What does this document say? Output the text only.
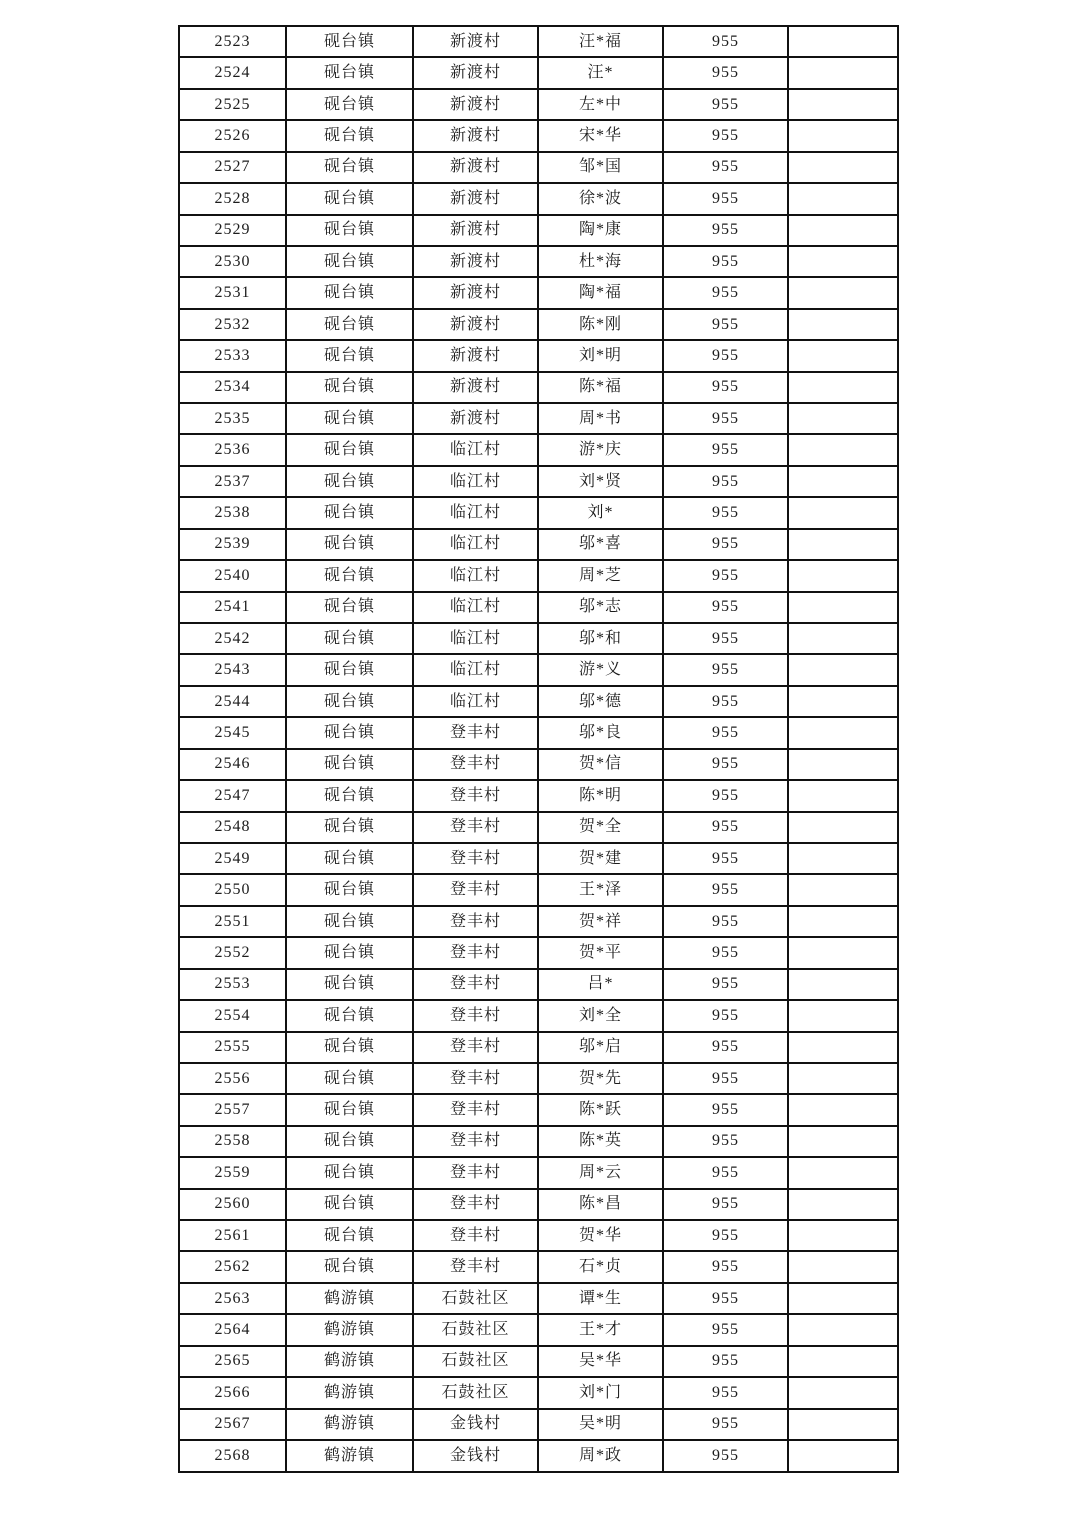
2523	砚台镇	新渡村	汪*福	955	
2524	砚台镇	新渡村	汪*	955	
2525	砚台镇	新渡村	左*中	955	
2526	砚台镇	新渡村	宋*华	955	
2527	砚台镇	新渡村	邹*国	955	
2528	砚台镇	新渡村	徐*波	955	
2529	砚台镇	新渡村	陶*康	955	
2530	砚台镇	新渡村	杜*海	955	
2531	砚台镇	新渡村	陶*福	955	
2532	砚台镇	新渡村	陈*刚	955	
2533	砚台镇	新渡村	刘*明	955	
2534	砚台镇	新渡村	陈*福	955	
2535	砚台镇	新渡村	周*书	955	
2536	砚台镇	临江村	游*庆	955	
2537	砚台镇	临江村	刘*贤	955	
2538	砚台镇	临江村	刘*	955	
2539	砚台镇	临江村	邬*喜	955	
2540	砚台镇	临江村	周*芝	955	
2541	砚台镇	临江村	邬*志	955	
2542	砚台镇	临江村	邬*和	955	
2543	砚台镇	临江村	游*义	955	
2544	砚台镇	临江村	邬*德	955	
2545	砚台镇	登丰村	邬*良	955	
2546	砚台镇	登丰村	贺*信	955	
2547	砚台镇	登丰村	陈*明	955	
2548	砚台镇	登丰村	贺*全	955	
2549	砚台镇	登丰村	贺*建	955	
2550	砚台镇	登丰村	王*泽	955	
2551	砚台镇	登丰村	贺*祥	955	
2552	砚台镇	登丰村	贺*平	955	
2553	砚台镇	登丰村	吕*	955	
2554	砚台镇	登丰村	刘*全	955	
2555	砚台镇	登丰村	邬*启	955	
2556	砚台镇	登丰村	贺*先	955	
2557	砚台镇	登丰村	陈*跃	955	
2558	砚台镇	登丰村	陈*英	955	
2559	砚台镇	登丰村	周*云	955	
2560	砚台镇	登丰村	陈*昌	955	
2561	砚台镇	登丰村	贺*华	955	
2562	砚台镇	登丰村	石*贞	955	
2563	鹤游镇	石鼓社区	谭*生	955	
2564	鹤游镇	石鼓社区	王*才	955	
2565	鹤游镇	石鼓社区	吴*华	955	
2566	鹤游镇	石鼓社区	刘*门	955	
2567	鹤游镇	金钱村	吴*明	955	
2568	鹤游镇	金钱村	周*政	955	
